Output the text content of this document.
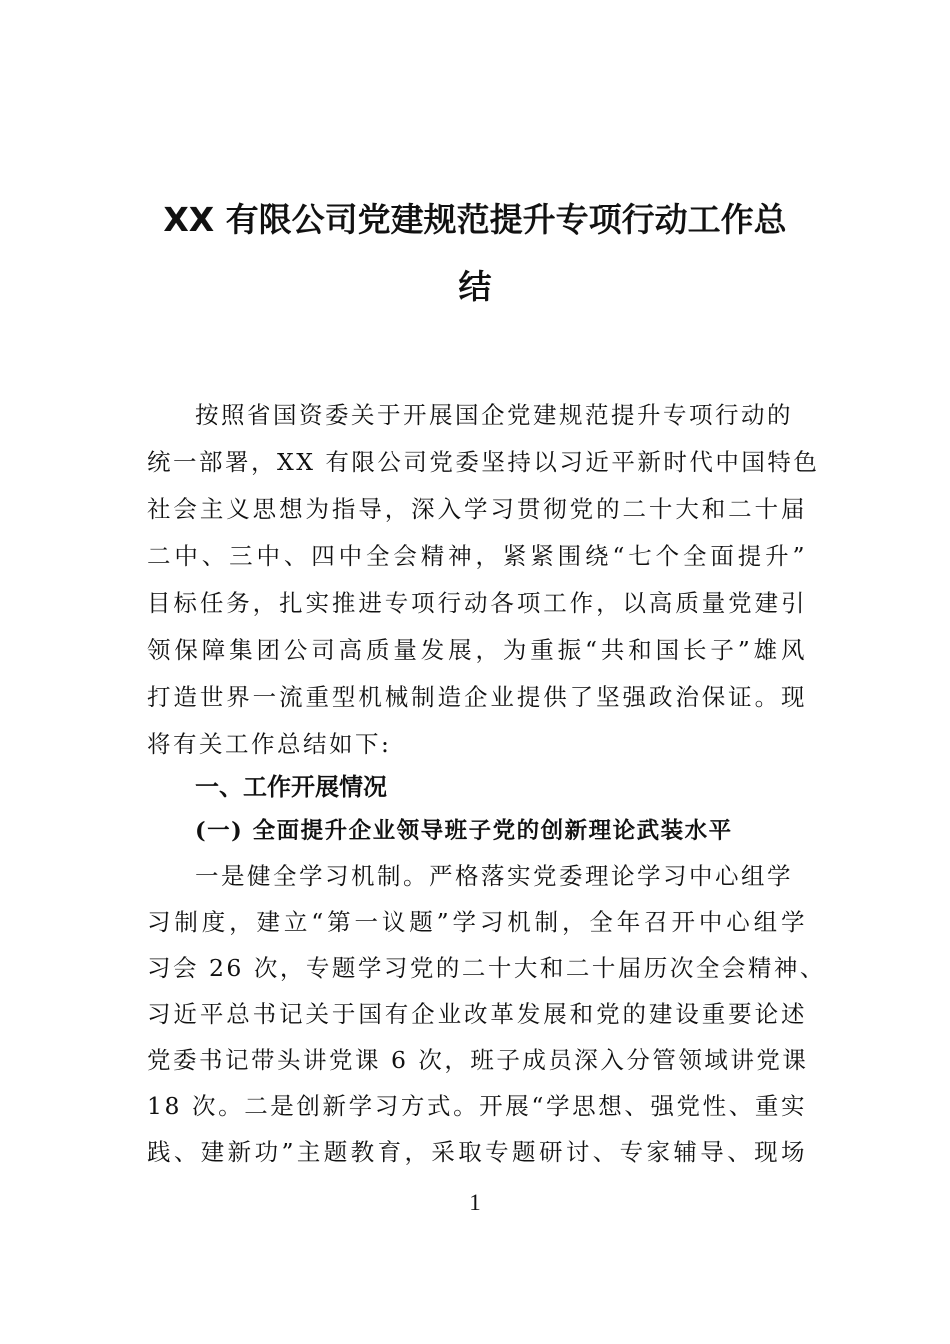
XX 有限公司党建规范提升专项行动工作总
结

按照省国资委关于开展国企党建规范提升专项行动的

统一部署，XX 有限公司党委坚持以习近平新时代中国特色

社会主义思想为指导，深入学习贯彻党的二十大和二十届

二中、三中、四中全会精神，紧紧围绕“七个全面提升”

目标任务，扎实推进专项行动各项工作，以高质量党建引

领保障集团公司高质量发展，为重振“共和国长子”雄风

打造世界一流重型机械制造企业提供了坚强政治保证。现

将有关工作总结如下:

一、工作开展情况
(一) 全面提升企业领导班子党的创新理论武装水平

一是健全学习机制。严格落实党委理论学习中心组学

习制度，建立“第一议题”学习机制，全年召开中心组学

习会 26 次，专题学习党的二十大和二十届历次全会精神、

习近平总书记关于国有企业改革发展和党的建设重要论述

党委书记带头讲党课 6 次，班子成员深入分管领域讲党课

18 次。二是创新学习方式。开展“学思想、强党性、重实

践、建新功”主题教育，采取专题研讨、专家辅导、现场

1
